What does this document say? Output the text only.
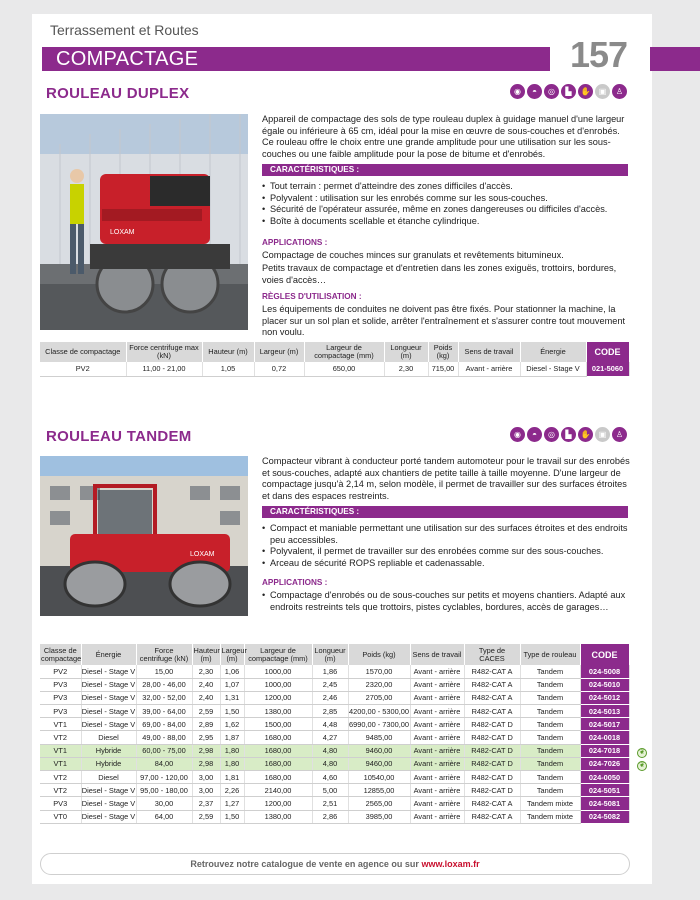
Terrassement et Routes
COMPACTAGE	157
ROULEAU DUPLEX	◉	◓	◎	▙	✋	▣	♙
LOXAM
Appareil de compactage des sols de type rouleau duplex à guidage manuel d'une largeur égale ou inférieure à 65 cm, idéal pour la mise en œuvre de sous-couches et d'enrobés. Ce rouleau offre le choix entre une grande amplitude pour une utilisation sur les sous-couches ou une faible amplitude pour la pose de bitume et d'enrobés.
CARACTÉRISTIQUES :
• Tout terrain : permet d'atteindre des zones difficiles d'accès.
• Polyvalent : utilisation sur les enrobés comme sur les sous-couches.
• Sécurité de l'opérateur assurée, même en zones dangereuses ou difficiles d'accès.
• Boîte à documents scellable et étanche cylindrique.
APPLICATIONS :
Compactage de couches minces sur granulats et revêtements bitumineux.
Petits travaux de compactage et d'entretien dans les zones exiguës, trottoirs, bordures, voies d'accès…
RÈGLES D'UTILISATION :
Les équipements de conduites ne doivent pas être fixés. Pour stationner la machine, la placer sur un sol plan et solide, arrêter l'entraînement et s'assurer contre tout mouvement non voulu.
Classe de compactage	Force centrifuge max (kN)	Hauteur (m)	Largeur (m)	Largeur de compactage (mm)	Longueur (m)	Poids (kg)	Sens de travail	Énergie	CODE
PV2	11,00 - 21,00	1,05	0,72	650,00	2,30	715,00	Avant - arrière	Diesel - Stage V	021-5060
ROULEAU TANDEM	◉	◓	◎	▙	✋	▣	♙
LOXAM
Compacteur vibrant à conducteur porté tandem automoteur pour le travail sur des enrobés et sous-couches, adapté aux chantiers de petite taille à taille moyenne. D'une largeur de compactage jusqu'à 2,14 m, selon modèle, il permet de travailler sur des surfaces étroites et dans des espaces restreints.
CARACTÉRISTIQUES :
• Compact et maniable permettant une utilisation sur des surfaces étroites et des endroits peu accessibles.
• Polyvalent, il permet de travailler sur des enrobées comme sur des sous-couches.
• Arceau de sécurité ROPS repliable et cadenassable.
APPLICATIONS :
• Compactage d'enrobés ou de sous-couches sur petits et moyens chantiers. Adapté aux endroits restreints tels que trottoirs, pistes cyclables, bordures, accès de garages…
Classe de compactage	Énergie	Force centrifuge (kN)	Hauteur (m)	Largeur (m)	Largeur de compactage (mm)	Longueur (m)	Poids (kg)	Sens de travail	Type de CACES	Type de rouleau	CODE
PV2	Diesel - Stage V	15,00	2,30	1,06	1000,00	1,86	1570,00	Avant - arrière	R482-CAT A	Tandem	024-5008
PV3	Diesel - Stage V	28,00 - 46,00	2,40	1,07	1000,00	2,45	2320,00	Avant - arrière	R482-CAT A	Tandem	024-5010
PV3	Diesel - Stage V	32,00 - 52,00	2,40	1,31	1200,00	2,46	2705,00	Avant - arrière	R482-CAT A	Tandem	024-5012
PV3	Diesel - Stage V	39,00 - 64,00	2,59	1,50	1380,00	2,85	4200,00 - 5300,00	Avant - arrière	R482-CAT A	Tandem	024-5013
VT1	Diesel - Stage V	69,00 - 84,00	2,89	1,62	1500,00	4,48	6990,00 - 7300,00	Avant - arrière	R482-CAT D	Tandem	024-5017
VT2	Diesel	49,00 - 88,00	2,95	1,87	1680,00	4,27	9485,00	Avant - arrière	R482-CAT D	Tandem	024-0018
VT1	Hybride	60,00 - 75,00	2,98	1,80	1680,00	4,80	9460,00	Avant - arrière	R482-CAT D	Tandem	024-7018
VT1	Hybride	84,00	2,98	1,80	1680,00	4,80	9460,00	Avant - arrière	R482-CAT D	Tandem	024-7026
VT2	Diesel	97,00 - 120,00	3,00	1,81	1680,00	4,60	10540,00	Avant - arrière	R482-CAT D	Tandem	024-0050
VT2	Diesel - Stage V	95,00 - 180,00	3,00	2,26	2140,00	5,00	12855,00	Avant - arrière	R482-CAT D	Tandem	024-5051
PV3	Diesel - Stage V	30,00	2,37	1,27	1200,00	2,51	2565,00	Avant - arrière	R482-CAT A	Tandem mixte	024-5081
VT0	Diesel - Stage V	64,00	2,59	1,50	1380,00	2,86	3985,00	Avant - arrière	R482-CAT A	Tandem mixte	024-5082
❦
❦
Retrouvez notre catalogue de vente en agence ou sur www.loxam.fr
